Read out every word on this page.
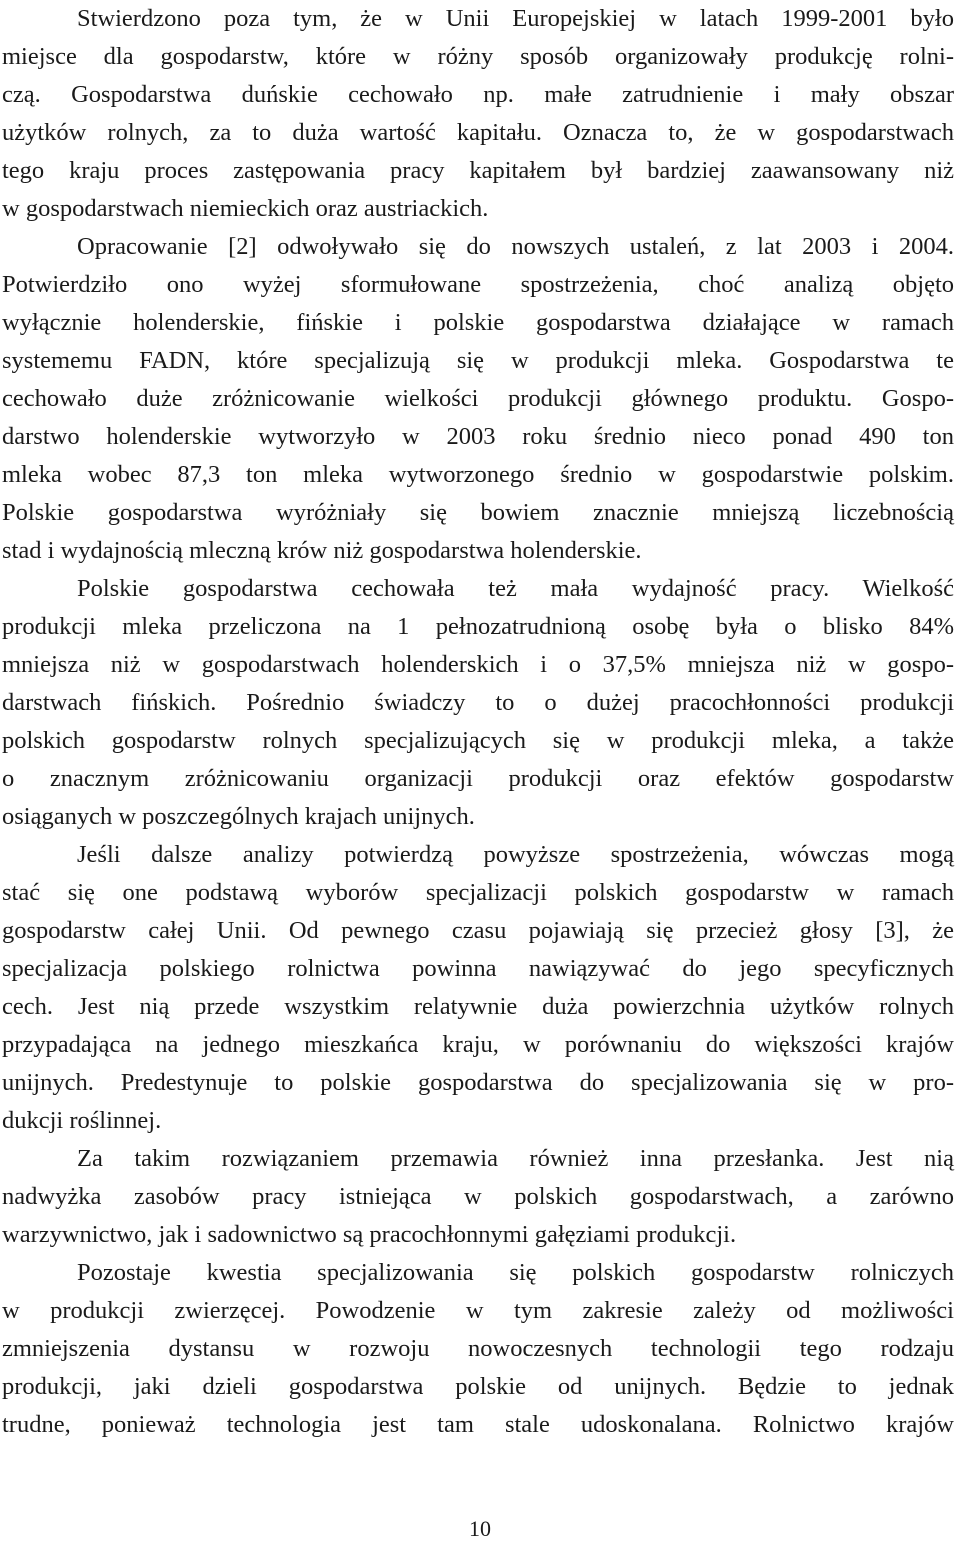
Stwierdzono poza tym, że w Unii Europejskiej w latach 1999-2001 było
miejsce dla gospodarstw, które w różny sposób organizowały produkcję rolni-
czą. Gospodarstwa duńskie cechowało np. małe zatrudnienie i mały obszar
użytków rolnych, za to duża wartość kapitału. Oznacza to, że w gospodarstwach
tego kraju proces zastępowania pracy kapitałem był bardziej zaawansowany niż
w gospodarstwach niemieckich oraz austriackich.
Opracowanie [2] odwoływało się do nowszych ustaleń, z lat 2003 i 2004.
Potwierdziło ono wyżej sformułowane spostrzeżenia, choć analizą objęto
wyłącznie holenderskie, fińskie i polskie gospodarstwa działające w ramach
systememu FADN, które specjalizują się w produkcji mleka. Gospodarstwa te
cechowało duże zróżnicowanie wielkości produkcji głównego produktu. Gospo-
darstwo holenderskie wytworzyło w 2003 roku średnio nieco ponad 490 ton
mleka wobec 87,3 ton mleka wytworzonego średnio w gospodarstwie polskim.
Polskie gospodarstwa wyróżniały się bowiem znacznie mniejszą liczebnością
stad i wydajnością mleczną krów niż gospodarstwa holenderskie.
Polskie gospodarstwa cechowała też mała wydajność pracy. Wielkość
produkcji mleka przeliczona na 1 pełnozatrudnioną osobę była o blisko 84%
mniejsza niż w gospodarstwach holenderskich i o 37,5% mniejsza niż w gospo-
darstwach fińskich. Pośrednio świadczy to o dużej pracochłonności produkcji
polskich gospodarstw rolnych specjalizujących się w produkcji mleka, a także
o znacznym zróżnicowaniu organizacji produkcji oraz efektów gospodarstw
osiąganych w poszczególnych krajach unijnych.
Jeśli dalsze analizy potwierdzą powyższe spostrzeżenia, wówczas mogą
stać się one podstawą wyborów specjalizacji polskich gospodarstw w ramach
gospodarstw całej Unii. Od pewnego czasu pojawiają się przecież głosy [3], że
specjalizacja polskiego rolnictwa powinna nawiązywać do jego specyficznych
cech. Jest nią przede wszystkim relatywnie duża powierzchnia użytków rolnych
przypadająca na jednego mieszkańca kraju, w porównaniu do większości krajów
unijnych. Predestynuje to polskie gospodarstwa do specjalizowania się w pro-
dukcji roślinnej.
Za takim rozwiązaniem przemawia również inna przesłanka. Jest nią
nadwyżka zasobów pracy istniejąca w polskich gospodarstwach, a zarówno
warzywnictwo, jak i sadownictwo są pracochłonnymi gałęziami produkcji.
Pozostaje kwestia specjalizowania się polskich gospodarstw rolniczych
w produkcji zwierzęcej. Powodzenie w tym zakresie zależy od możliwości
zmniejszenia dystansu w rozwoju nowoczesnych technologii tego rodzaju
produkcji, jaki dzieli gospodarstwa polskie od unijnych. Będzie to jednak
trudne, ponieważ technologia jest tam stale udoskonalana. Rolnictwo krajów
10
